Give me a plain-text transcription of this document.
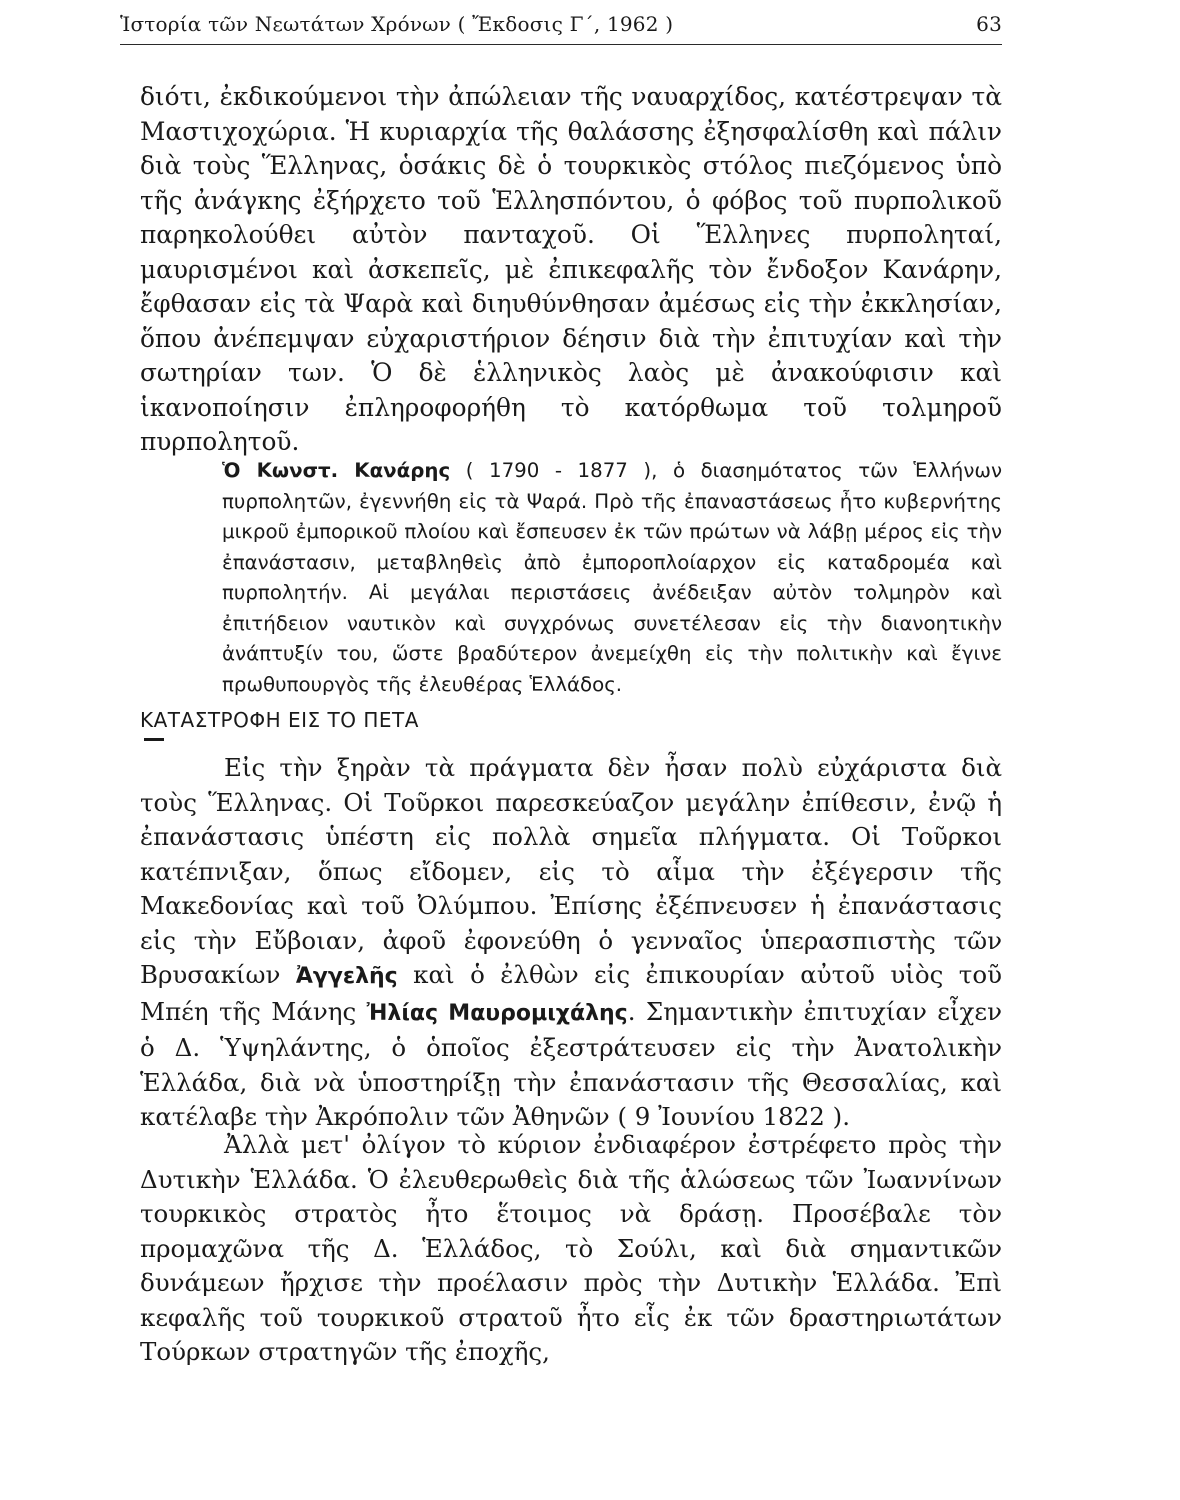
Ἱστορία τῶν Νεωτάτων Χρόνων ( Ἔκδοσις Γ΄, 1962 )	63

διότι, ἐκδικούμενοι τὴν ἀπώλειαν τῆς ναυαρχίδος, κατέστρεψαν τὰ Μαστιχοχώρια. Ἡ κυριαρχία τῆς θαλάσσης ἐξησφαλίσθη καὶ πάλιν διὰ τοὺς Ἕλληνας, ὁσάκις δὲ ὁ τουρκικὸς στόλος πιεζόμενος ὑπὸ τῆς ἀνάγκης ἐξήρχετο τοῦ Ἑλλησπόντου, ὁ φόβος τοῦ πυρπολικοῦ παρηκολούθει αὐτὸν πανταχοῦ. Οἱ Ἕλληνες πυρποληταί, μαυρισμένοι καὶ ἀσκεπεῖς, μὲ ἐπικεφαλῆς τὸν ἔνδοξον Κανάρην, ἔφθασαν εἰς τὰ Ψαρὰ καὶ διηυθύνθησαν ἀμέσως εἰς τὴν ἐκκλησίαν, ὅπου ἀνέπεμψαν εὐχαριστήριον δέησιν διὰ τὴν ἐπιτυχίαν καὶ τὴν σωτηρίαν των. Ὁ δὲ ἑλληνικὸς λαὸς μὲ ἀνακούφισιν καὶ ἱκανοποίησιν ἐπληροφορήθη τὸ κατόρθωμα τοῦ τολμηροῦ πυρπολητοῦ.

Ὁ Κωνστ. Κανάρης ( 1790 - 1877 ), ὁ διασημότατος τῶν Ἑλλήνων πυρπολητῶν, ἐγεννήθη εἰς τὰ Ψαρά. Πρὸ τῆς ἐπαναστάσεως ἦτο κυβερνήτης μικροῦ ἐμπορικοῦ πλοίου καὶ ἔσπευσεν ἐκ τῶν πρώτων νὰ λάβῃ μέρος εἰς τὴν ἐπανάστασιν, μεταβληθεὶς ἀπὸ ἐμποροπλοίαρχον εἰς καταδρομέα καὶ πυρπολητήν. Αἱ μεγάλαι περιστάσεις ἀνέδειξαν αὐτὸν τολμηρὸν καὶ ἐπιτήδειον ναυτικὸν καὶ συγχρόνως συνετέλεσαν εἰς τὴν διανοητικὴν ἀνάπτυξίν του, ὥστε βραδύτερον ἀνεμείχθη εἰς τὴν πολιτικὴν καὶ ἔγινε πρωθυπουργὸς τῆς ἐλευθέρας Ἑλλάδος.

ΚΑΤΑΣΤΡΟΦΗ ΕΙΣ ΤΟ ΠΕΤΑ

Εἰς τὴν ξηρὰν τὰ πράγματα δὲν ἦσαν πολὺ εὐχάριστα διὰ τοὺς Ἕλληνας. Οἱ Τοῦρκοι παρεσκεύαζον μεγάλην ἐπίθεσιν, ἐνῷ ἡ ἐπανάστασις ὑπέστη εἰς πολλὰ σημεῖα πλήγματα. Οἱ Τοῦρκοι κατέπνιξαν, ὅπως εἴδομεν, εἰς τὸ αἷμα τὴν ἐξέγερσιν τῆς Μακεδονίας καὶ τοῦ Ὀλύμπου. Ἐπίσης ἐξέπνευσεν ἡ ἐπανάστασις εἰς τὴν Εὔβοιαν, ἀφοῦ ἐφονεύθη ὁ γενναῖος ὑπερασπιστὴς τῶν Βρυσακίων Ἀγγελῆς καὶ ὁ ἐλθὼν εἰς ἐπικουρίαν αὐτοῦ υἱὸς τοῦ Μπέη τῆς Μάνης Ἠλίας Μαυρομιχάλης. Σημαντικὴν ἐπιτυχίαν εἶχεν ὁ Δ. Ὑψηλάντης, ὁ ὁποῖος ἐξεστράτευσεν εἰς τὴν Ἀνατολικὴν Ἑλλάδα, διὰ νὰ ὑποστηρίξῃ τὴν ἐπανάστασιν τῆς Θεσσαλίας, καὶ κατέλαβε τὴν Ἀκρόπολιν τῶν Ἀθηνῶν ( 9 Ἰουνίου 1822 ).

Ἀλλὰ μετ' ὀλίγον τὸ κύριον ἐνδιαφέρον ἐστρέφετο πρὸς τὴν Δυτικὴν Ἑλλάδα. Ὁ ἐλευθερωθεὶς διὰ τῆς ἁλώσεως τῶν Ἰωαννίνων τουρκικὸς στρατὸς ἦτο ἕτοιμος νὰ δράσῃ. Προσέβαλε τὸν προμαχῶνα τῆς Δ. Ἑλλάδος, τὸ Σούλι, καὶ διὰ σημαντικῶν δυνάμεων ἤρχισε τὴν προέλασιν πρὸς τὴν Δυτικὴν Ἑλλάδα. Ἐπὶ κεφαλῆς τοῦ τουρκικοῦ στρατοῦ ἦτο εἷς ἐκ τῶν δραστηριωτάτων Τούρκων στρατηγῶν τῆς ἐποχῆς,
